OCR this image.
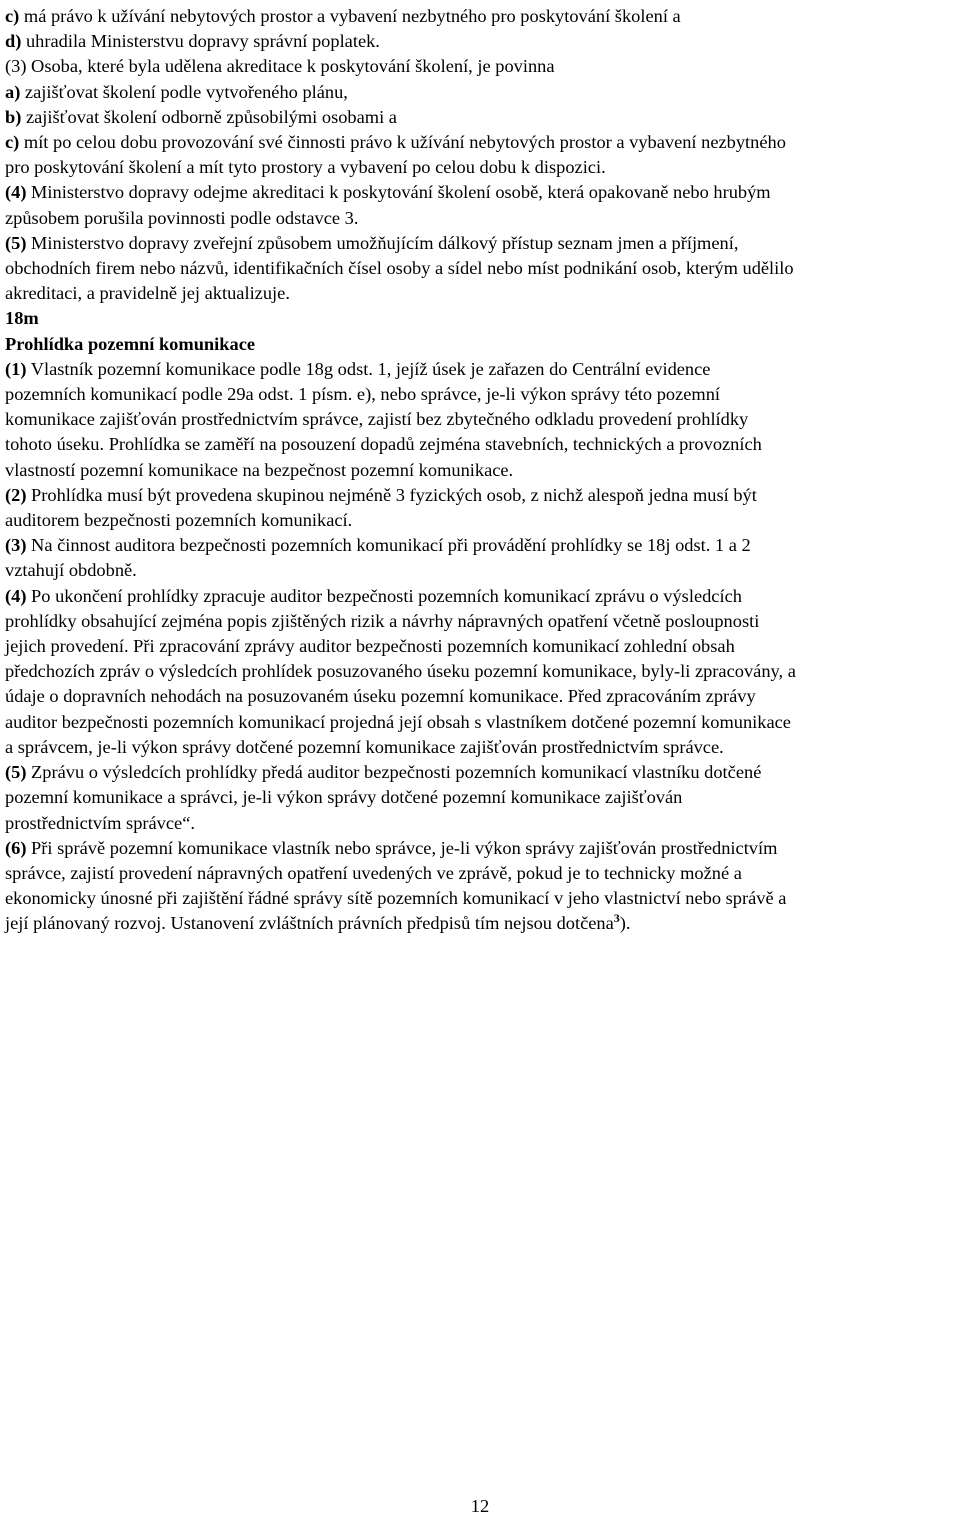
c) má právo k užívání nebytových prostor a vybavení nezbytného pro poskytování školení a
d) uhradila Ministerstvu dopravy správní poplatek.
(3) Osoba, které byla udělena akreditace k poskytování školení, je povinna
a) zajišťovat školení podle vytvořeného plánu,
b) zajišťovat školení odborně způsobilými osobami a
c) mít po celou dobu provozování své činnosti právo k užívání nebytových prostor a vybavení nezbytného
pro poskytování školení a mít tyto prostory a vybavení po celou dobu k dispozici.
(4) Ministerstvo dopravy odejme akreditaci k poskytování školení osobě, která opakovaně nebo hrubým
způsobem porušila povinnosti podle odstavce 3.
(5) Ministerstvo dopravy zveřejní způsobem umožňujícím dálkový přístup seznam jmen a příjmení,
obchodních firem nebo názvů, identifikačních čísel osoby a sídel nebo míst podnikání osob, kterým udělilo
akreditaci, a pravidelně jej aktualizuje.
18m
Prohlídka pozemní komunikace
(1) Vlastník pozemní komunikace podle 18g odst. 1, jejíž úsek je zařazen do Centrální evidence
pozemních komunikací podle 29a odst. 1 písm. e), nebo správce, je-li výkon správy této pozemní
komunikace zajišťován prostřednictvím správce, zajistí bez zbytečného odkladu provedení prohlídky
tohoto úseku. Prohlídka se zaměří na posouzení dopadů zejména stavebních, technických a provozních
vlastností pozemní komunikace na bezpečnost pozemní komunikace.
(2) Prohlídka musí být provedena skupinou nejméně 3 fyzických osob, z nichž alespoň jedna musí být
auditorem bezpečnosti pozemních komunikací.
(3) Na činnost auditora bezpečnosti pozemních komunikací při provádění prohlídky se 18j odst. 1 a 2
vztahují obdobně.
(4) Po ukončení prohlídky zpracuje auditor bezpečnosti pozemních komunikací zprávu o výsledcích
prohlídky obsahující zejména popis zjištěných rizik a návrhy nápravných opatření včetně posloupnosti
jejich provedení. Při zpracování zprávy auditor bezpečnosti pozemních komunikací zohlední obsah
předchozích zpráv o výsledcích prohlídek posuzovaného úseku pozemní komunikace, byly-li zpracovány, a
údaje o dopravních nehodách na posuzovaném úseku pozemní komunikace. Před zpracováním zprávy
auditor bezpečnosti pozemních komunikací projedná její obsah s vlastníkem dotčené pozemní komunikace
a správcem, je-li výkon správy dotčené pozemní komunikace zajišťován prostřednictvím správce.
(5) Zprávu o výsledcích prohlídky předá auditor bezpečnosti pozemních komunikací vlastníku dotčené
pozemní komunikace a správci, je-li výkon správy dotčené pozemní komunikace zajišťován
prostřednictvím správce“.
(6) Při správě pozemní komunikace vlastník nebo správce, je-li výkon správy zajišťován prostřednictvím
správce, zajistí provedení nápravných opatření uvedených ve zprávě, pokud je to technicky možné a
ekonomicky únosné při zajištění řádné správy sítě pozemních komunikací v jeho vlastnictví nebo správě a
její plánovaný rozvoj. Ustanovení zvláštních právních předpisů tím nejsou dotčena$^3$).
12
